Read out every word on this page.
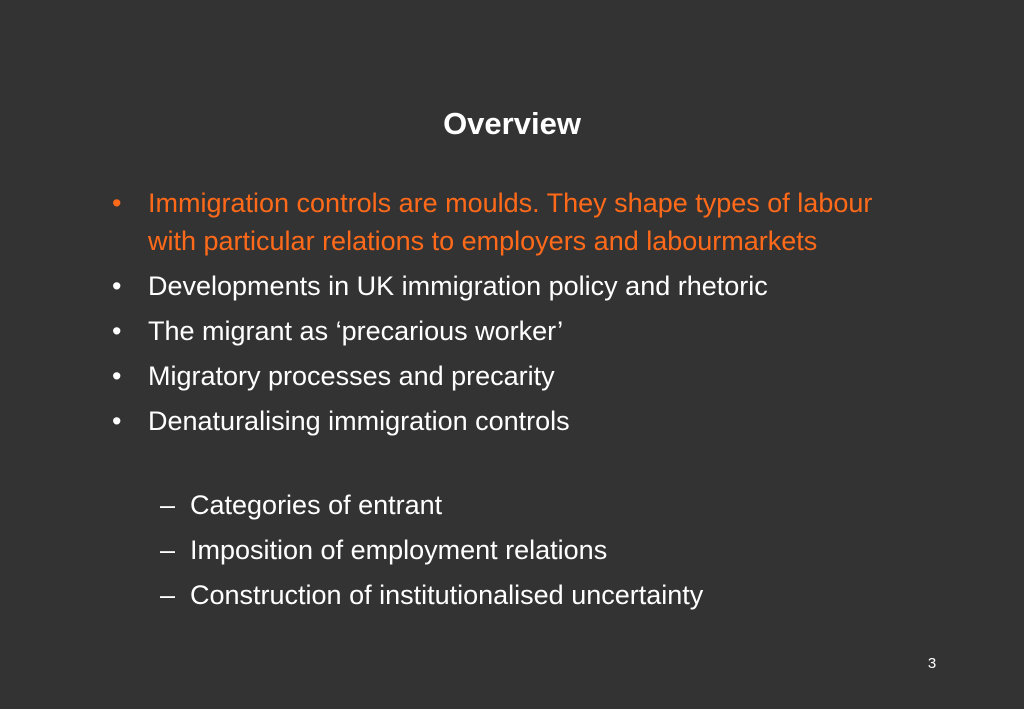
Overview
• Immigration controls are moulds. They shape types of labour with particular relations to employers and labourmarkets
• Developments in UK immigration policy and rhetoric
• The migrant as ‘precarious worker’
• Migratory processes and precarity
• Denaturalising immigration controls
– Categories of entrant
– Imposition of employment relations
– Construction of institutionalised uncertainty
3
